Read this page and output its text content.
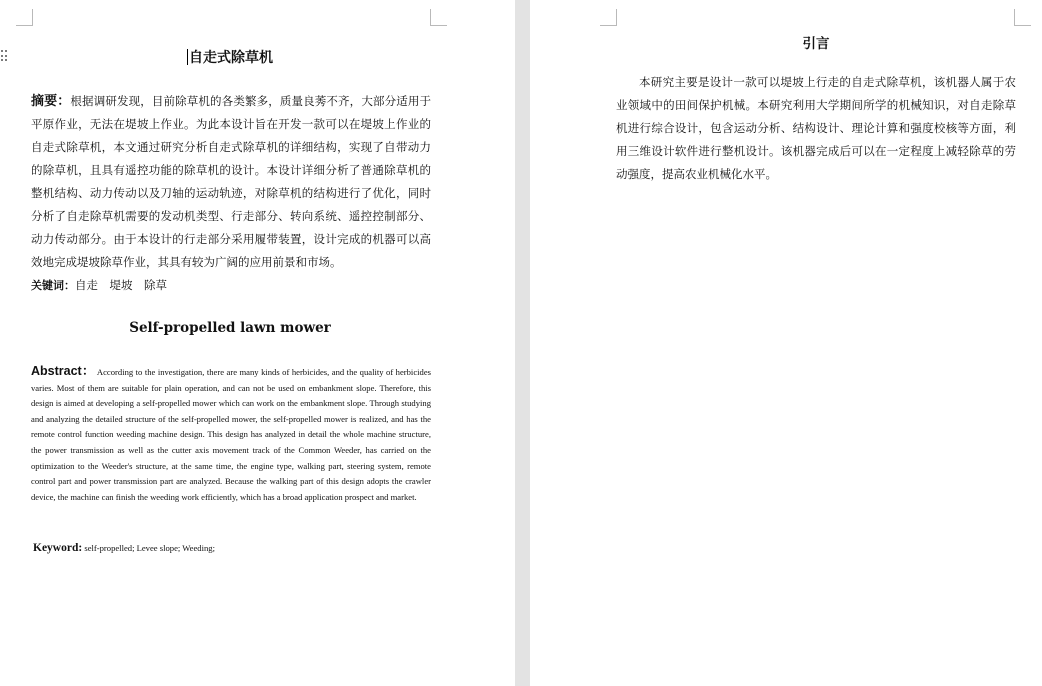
自走式除草机
摘要：根据调研发现，目前除草机的各类繁多，质量良莠不齐，大部分适用于平原作业，无法在堤坡上作业。为此本设计旨在开发一款可以在堤坡上作业的自走式除草机，本文通过研究分析自走式除草机的详细结构，实现了自带动力的除草机，且具有遥控功能的除草机的设计。本设计详细分析了普通除草机的整机结构、动力传动以及刀轴的运动轨迹，对除草机的结构进行了优化，同时分析了自走除草机需要的发动机类型、行走部分、转向系统、遥控控制部分、动力传动部分。由于本设计的行走部分采用履带装置，设计完成的机器可以高效地完成堤坡除草作业，其具有较为广阔的应用前景和市场。
关键词：自走　堤坡　除草
Self-propelled lawn mower
Abstract： According to the investigation, there are many kinds of herbicides, and the quality of herbicides varies. Most of them are suitable for plain operation, and can not be used on embankment slope. Therefore, this design is aimed at developing a self-propelled mower which can work on the embankment slope. Through studying and analyzing the detailed structure of the self-propelled mower, the self-propelled mower is realized, and has the remote control function weeding machine design. This design has analyzed in detail the whole machine structure, the power transmission as well as the cutter axis movement track of the Common Weeder, has carried on the optimization to the Weeder's structure, at the same time, the engine type, walking part, steering system, remote control part and power transmission part are analyzed. Because the walking part of this design adopts the crawler device, the machine can finish the weeding work efficiently, which has a broad application prospect and market.
Keyword: self-propelled; Levee slope; Weeding;
引言
本研究主要是设计一款可以堤坡上行走的自走式除草机，该机器人属于农业领域中的田间保护机械。本研究利用大学期间所学的机械知识，对自走除草机进行综合设计，包含运动分析、结构设计、理论计算和强度校核等方面，利用三维设计软件进行整机设计。该机器完成后可以在一定程度上减轻除草的劳动强度，提高农业机械化水平。
